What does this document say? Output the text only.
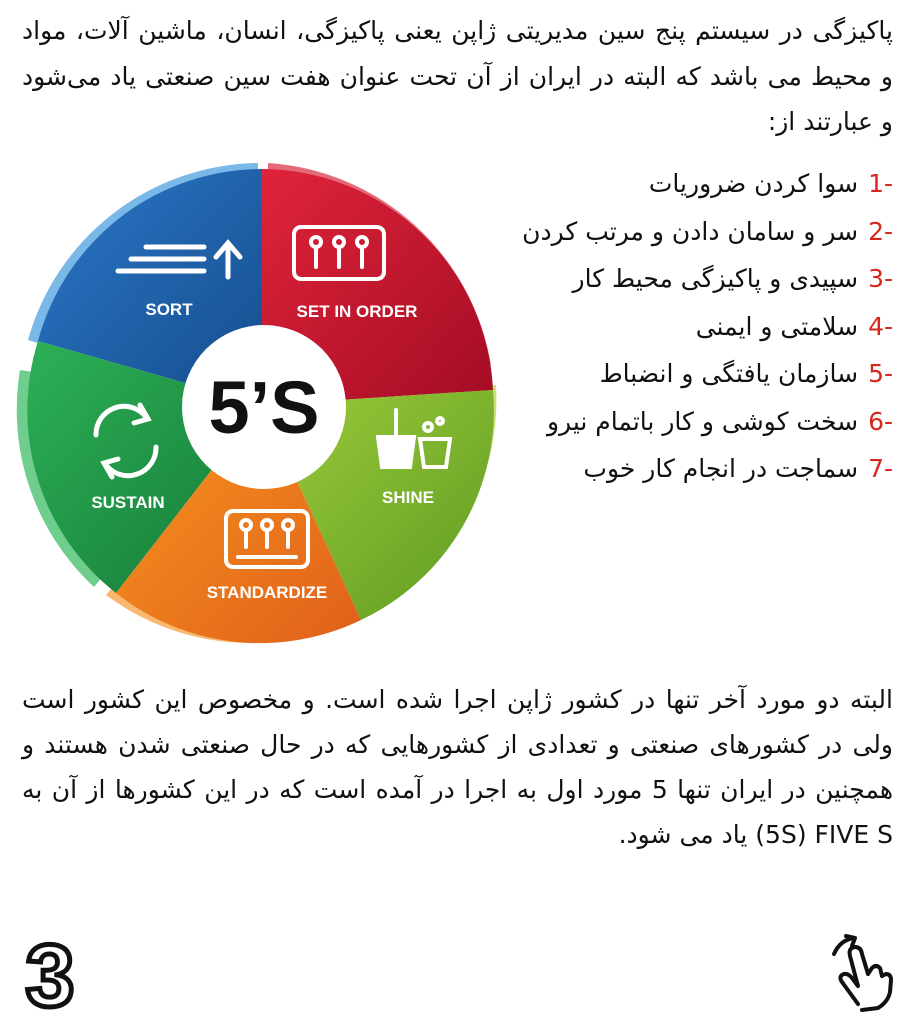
پاکیزگی در سیستم پنج سین مدیریتی ژاپن یعنی پاکیزگی، انسان، ماشین آلات، مواد و محیط می باشد که البته در ایران از آن تحت عنوان هفت سین صنعتی یاد می‌شود و عبارتند از:
-1سوا کردن ضروریات
-2سر و سامان دادن و مرتب کردن
-3سپیدی و پاکیزگی محیط کار
-4سلامتی و ایمنی
-5سازمان یافتگی و انضباط
-6سخت کوشی و کار باتمام نیرو
-7سماجت در انجام کار خوب
5’S
SORT	SET IN ORDER
SHINE
STANDARDIZE
SUSTAIN
البته دو مورد آخر تنها در کشور ژاپن اجرا شده است. و مخصوص این کشور است ولی در کشورهای صنعتی و تعدادی از کشورهایی که در حال صنعتی شدن هستند و همچنین در ایران تنها 5 مورد اول به اجرا در آمده است که در این کشورها از آن به 5S) FIVE S) یاد می شود.
3
